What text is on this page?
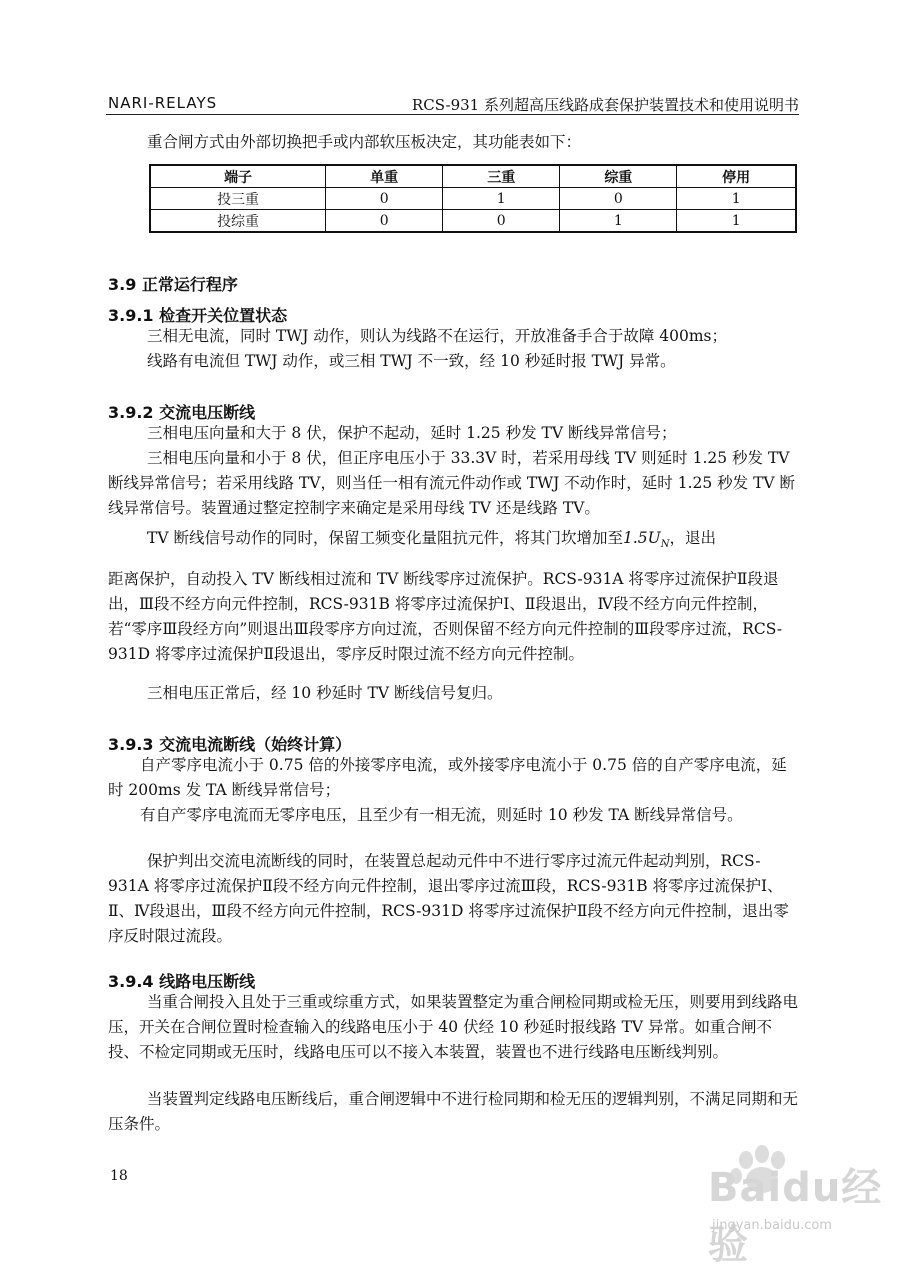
NARI-RELAYS	RCS-931 系列超高压线路成套保护装置技术和使用说明书
重合闸方式由外部切换把手或内部软压板决定，其功能表如下：
端子	单重	三重	综重	停用
投三重	0	1	0	1
投综重	0	0	1	1
3.9 正常运行程序
3.9.1 检查开关位置状态
三相无电流，同时 TWJ 动作，则认为线路不在运行，开放准备手合于故障 400ms；
线路有电流但 TWJ 动作，或三相 TWJ 不一致，经 10 秒延时报 TWJ 异常。
3.9.2 交流电压断线
三相电压向量和大于 8 伏，保护不起动，延时 1.25 秒发 TV 断线异常信号；
三相电压向量和小于 8 伏，但正序电压小于 33.3V 时，若采用母线 TV 则延时 1.25 秒发 TV 断线异常信号；若采用线路 TV，则当任一相有流元件动作或 TWJ 不动作时，延时 1.25 秒发 TV 断线异常信号。装置通过整定控制字来确定是采用母线 TV 还是线路 TV。
TV 断线信号动作的同时，保留工频变化量阻抗元件，将其门坎增加至$1.5U_N$，退出
距离保护，自动投入 TV 断线相过流和 TV 断线零序过流保护。RCS-931A 将零序过流保护Ⅱ段退出，Ⅲ段不经方向元件控制，RCS-931B 将零序过流保护Ⅰ、Ⅱ段退出，Ⅳ段不经方向元件控制，若“零序Ⅲ段经方向”则退出Ⅲ段零序方向过流，否则保留不经方向元件控制的Ⅲ段零序过流，RCS-931D 将零序过流保护Ⅱ段退出，零序反时限过流不经方向元件控制。
三相电压正常后，经 10 秒延时 TV 断线信号复归。
3.9.3 交流电流断线（始终计算）
自产零序电流小于 0.75 倍的外接零序电流，或外接零序电流小于 0.75 倍的自产零序电流，延时 200ms 发 TA 断线异常信号；
有自产零序电流而无零序电压，且至少有一相无流，则延时 10 秒发 TA 断线异常信号。
保护判出交流电流断线的同时，在装置总起动元件中不进行零序过流元件起动判别，RCS-931A 将零序过流保护Ⅱ段不经方向元件控制，退出零序过流Ⅲ段，RCS-931B 将零序过流保护Ⅰ、Ⅱ、Ⅳ段退出，Ⅲ段不经方向元件控制，RCS-931D 将零序过流保护Ⅱ段不经方向元件控制，退出零序反时限过流段。
3.9.4 线路电压断线
当重合闸投入且处于三重或综重方式，如果装置整定为重合闸检同期或检无压，则要用到线路电压，开关在合闸位置时检查输入的线路电压小于 40 伏经 10 秒延时报线路 TV 异常。如重合闸不投、不检定同期或无压时，线路电压可以不接入本装置，装置也不进行线路电压断线判别。
当装置判定线路电压断线后，重合闸逻辑中不进行检同期和检无压的逻辑判别，不满足同期和无压条件。
18	Baidu经验
jingyan.baidu.com
